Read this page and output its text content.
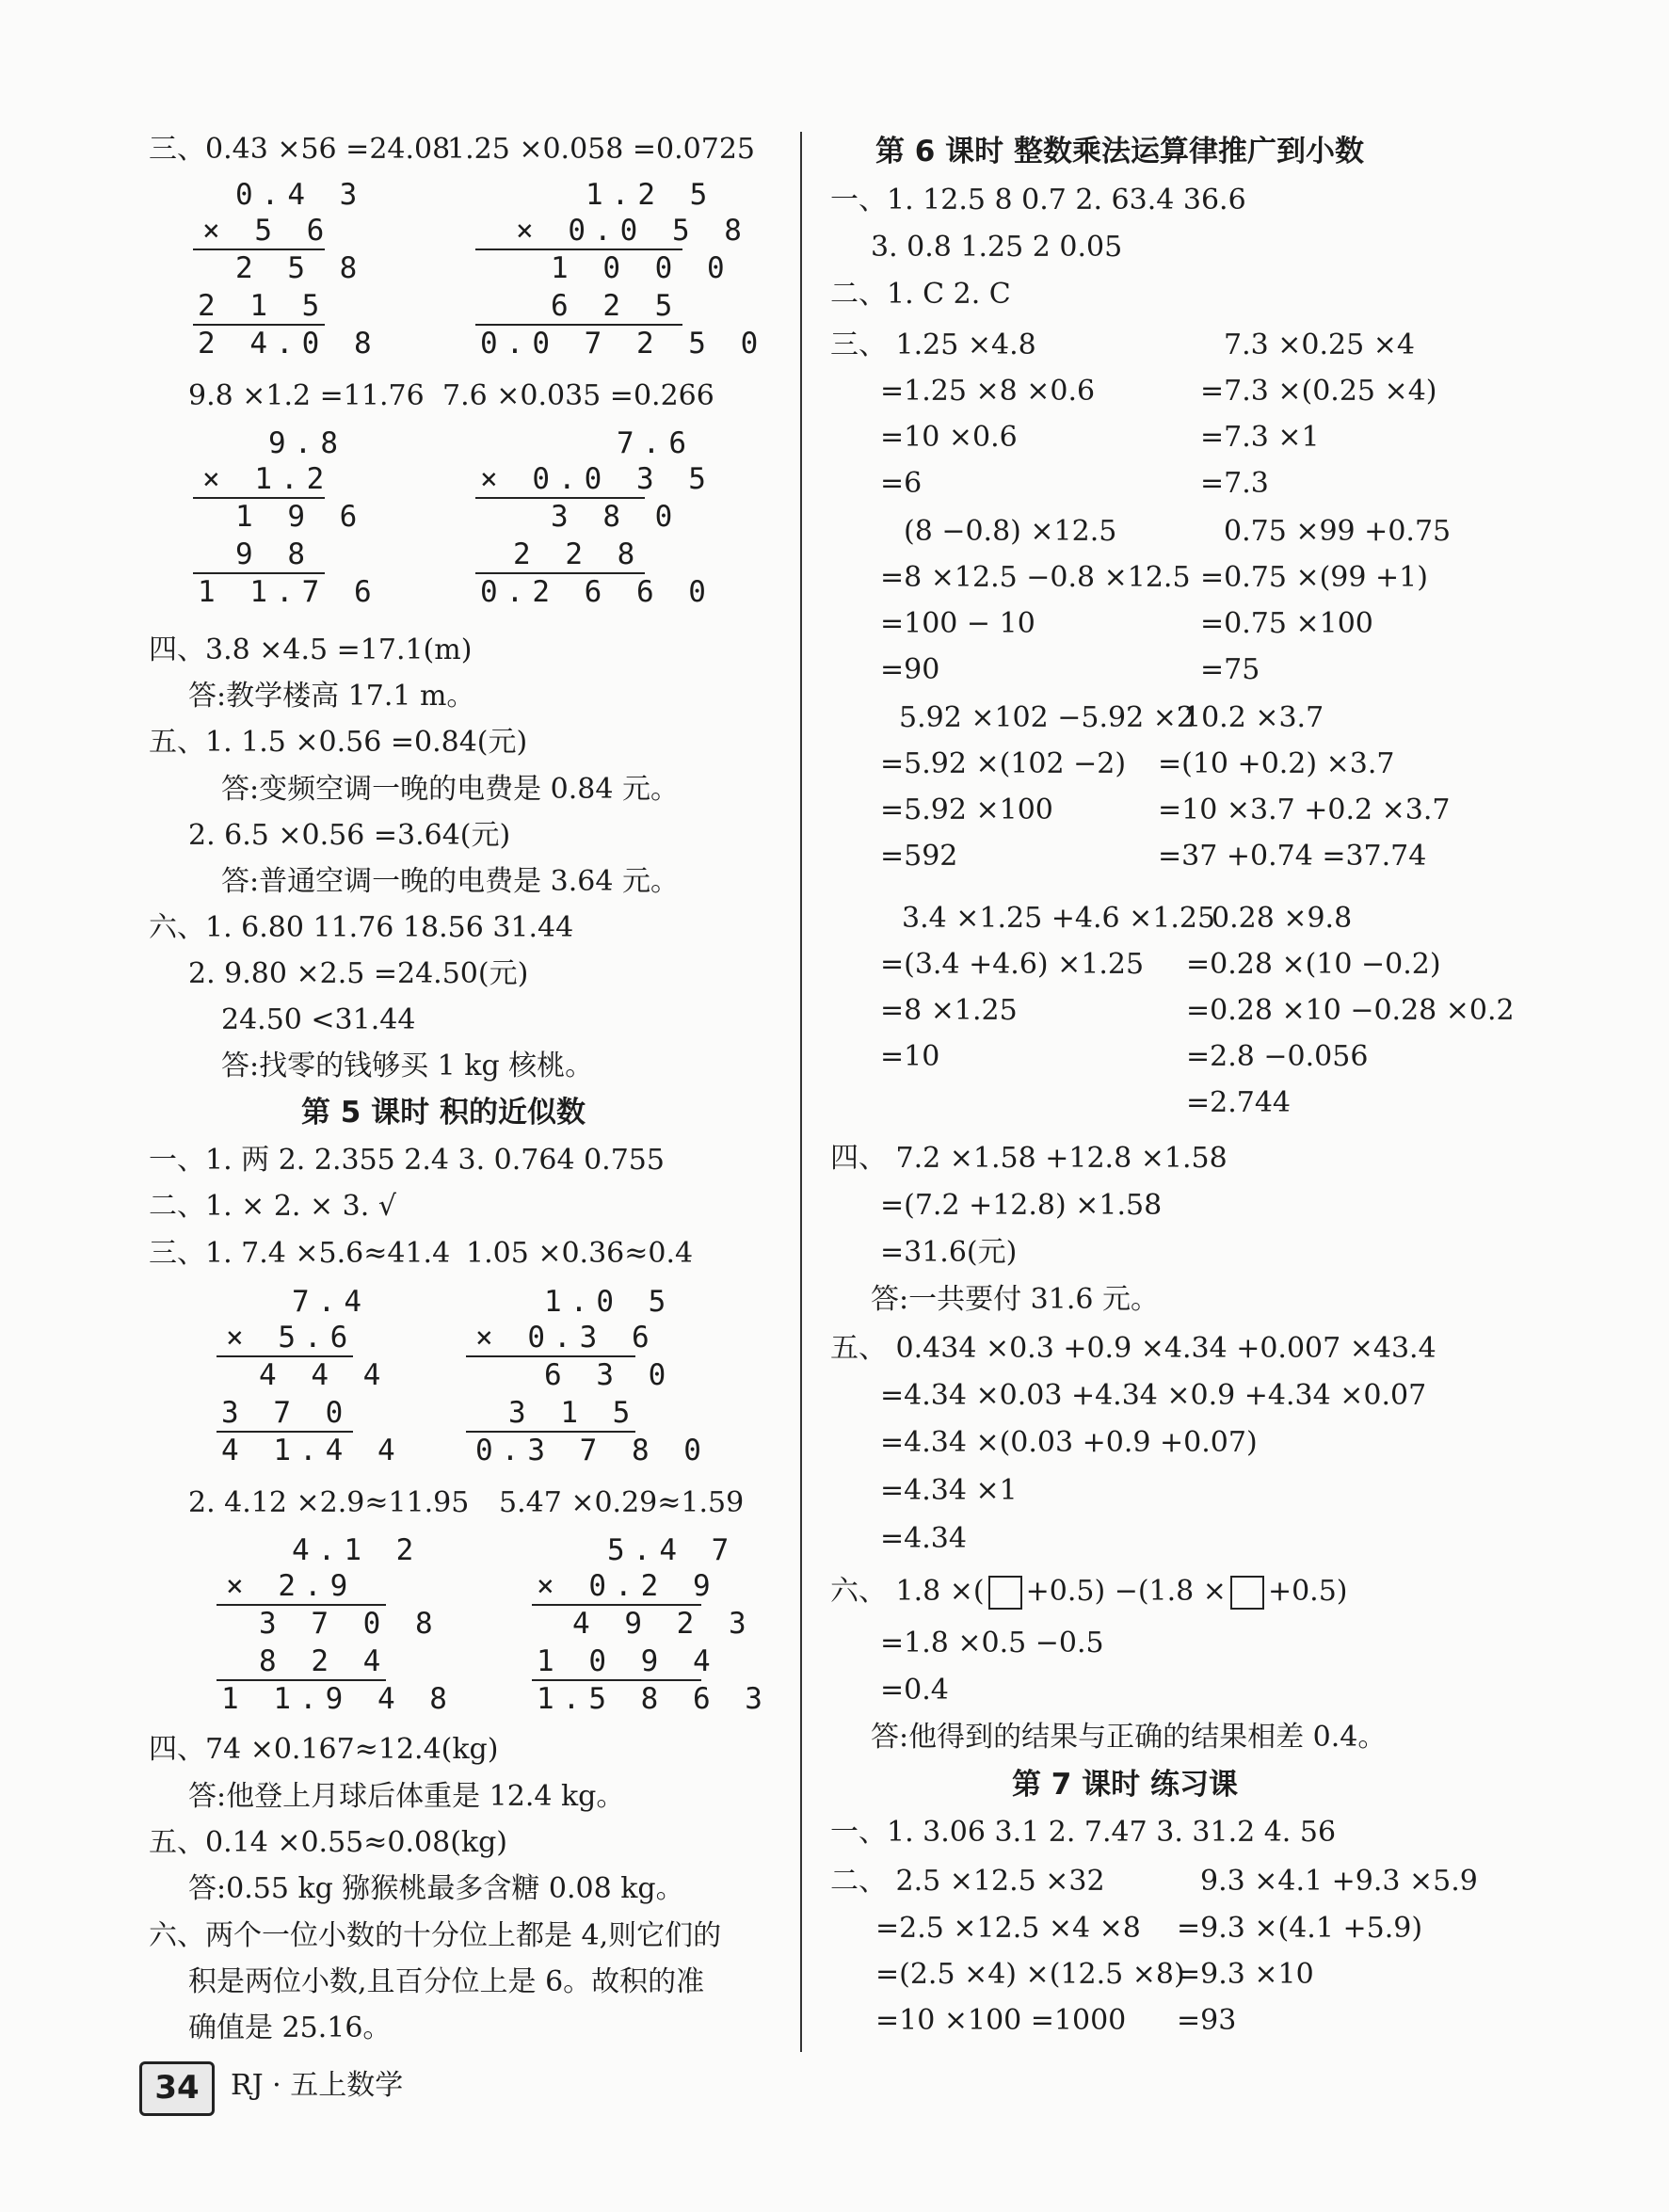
三、0.43 ×56 =24.08
1.25 ×0.058 =0.0725
0.4 3
× 5 6
2 5 8
2 1 5
2 4.0 8
1.2 5
× 0.0 5 8
1 0 0 0
6 2 5
0.0 7 2 5 0
9.8 ×1.2 =11.76 7.6 ×0.035 =0.266
9.8
× 1.2
1 9 6
9 8
1 1.7 6
7.6
× 0.0 3 5
3 8 0
2 2 8
0.2 6 6 0
四、3.8 ×4.5 =17.1(m)
答:教学楼高 17.1 m。
五、1. 1.5 ×0.56 =0.84(元)
答:变频空调一晚的电费是 0.84 元。
2. 6.5 ×0.56 =3.64(元)
答:普通空调一晚的电费是 3.64 元。
六、1. 6.80 11.76 18.56 31.44
2. 9.80 ×2.5 =24.50(元)
24.50 <31.44
答:找零的钱够买 1 kg 核桃。
第 5 课时 积的近似数
一、1. 两 2. 2.355 2.4 3. 0.764 0.755
二、1. × 2. × 3. √
三、1. 7.4 ×5.6≈41.4 1.05 ×0.36≈0.4
7.4
× 5.6
4 4 4
3 7 0
4 1.4 4
1.0 5
× 0.3 6
6 3 0
3 1 5
0.3 7 8 0
2. 4.12 ×2.9≈11.95 5.47 ×0.29≈1.59
4.1 2
× 2.9
3 7 0 8
8 2 4
1 1.9 4 8
5.4 7
× 0.2 9
4 9 2 3
1 0 9 4
1.5 8 6 3
四、74 ×0.167≈12.4(kg)
答:他登上月球后体重是 12.4 kg。
五、0.14 ×0.55≈0.08(kg)
答:0.55 kg 猕猴桃最多含糖 0.08 kg。
六、两个一位小数的十分位上都是 4,则它们的
积是两位小数,且百分位上是 6。故积的准
确值是 25.16。
第 6 课时 整数乘法运算律推广到小数
一、1. 12.5 8 0.7 2. 63.4 36.6
3. 0.8 1.25 2 0.05
二、1. C 2. C
三、 1.25 ×4.8
=1.25 ×8 ×0.6
=10 ×0.6
=6
7.3 ×0.25 ×4
=7.3 ×(0.25 ×4)
=7.3 ×1
=7.3
(8 −0.8) ×12.5
=8 ×12.5 −0.8 ×12.5
=100 − 10
=90
0.75 ×99 +0.75
=0.75 ×(99 +1)
=0.75 ×100
=75
5.92 ×102 −5.92 ×2
=5.92 ×(102 −2)
=5.92 ×100
=592
10.2 ×3.7
=(10 +0.2) ×3.7
=10 ×3.7 +0.2 ×3.7
=37 +0.74 =37.74
3.4 ×1.25 +4.6 ×1.25
=(3.4 +4.6) ×1.25
=8 ×1.25
=10
0.28 ×9.8
=0.28 ×(10 −0.2)
=0.28 ×10 −0.28 ×0.2
=2.8 −0.056
=2.744
四、 7.2 ×1.58 +12.8 ×1.58
=(7.2 +12.8) ×1.58
=31.6(元)
答:一共要付 31.6 元。
五、 0.434 ×0.3 +0.9 ×4.34 +0.007 ×43.4
=4.34 ×0.03 +4.34 ×0.9 +4.34 ×0.07
=4.34 ×(0.03 +0.9 +0.07)
=4.34 ×1
=4.34
六、 1.8 ×( +0.5) −(1.8 × +0.5)
=1.8 ×0.5 −0.5
=0.4
答:他得到的结果与正确的结果相差 0.4。
第 7 课时 练习课
一、1. 3.06 3.1 2. 7.47 3. 31.2 4. 56
二、 2.5 ×12.5 ×32
=2.5 ×12.5 ×4 ×8
=(2.5 ×4) ×(12.5 ×8)
=10 ×100 =1000
9.3 ×4.1 +9.3 ×5.9
=9.3 ×(4.1 +5.9)
=9.3 ×10
=93
34	RJ · 五上数学
